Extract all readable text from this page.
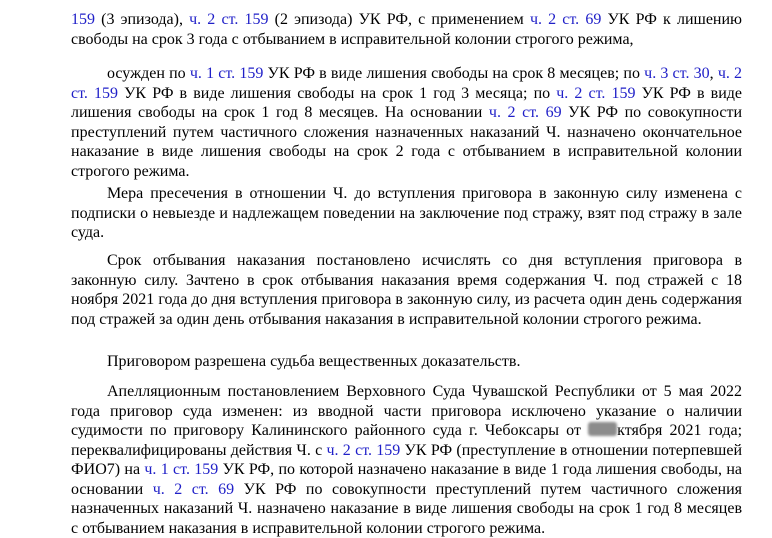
159 (3 эпизода), ч. 2 ст. 159 (2 эпизода) УК РФ, с применением ч. 2 ст. 69 УК РФ к лишению свободы на срок 3 года с отбыванием в исправительной колонии строгого режима,

осужден по ч. 1 ст. 159 УК РФ в виде лишения свободы на срок 8 месяцев; по ч. 3 ст. 30, ч. 2 ст. 159 УК РФ в виде лишения свободы на срок 1 год 3 месяца; по ч. 2 ст. 159 УК РФ в виде лишения свободы на срок 1 год 8 месяцев. На основании ч. 2 ст. 69 УК РФ по совокупности преступлений путем частичного сложения назначенных наказаний Ч. назначено окончательное наказание в виде лишения свободы на срок 2 года с отбыванием в исправительной колонии строгого режима.

Мера пресечения в отношении Ч. до вступления приговора в законную силу изменена с подписки о невыезде и надлежащем поведении на заключение под стражу, взят под стражу в зале суда.

Срок отбывания наказания постановлено исчислять со дня вступления приговора в законную силу. Зачтено в срок отбывания наказания время содержания Ч. под стражей с 18 ноября 2021 года до дня вступления приговора в законную силу, из расчета один день содержания под стражей за один день отбывания наказания в исправительной колонии строгого режима.

Приговором разрешена судьба вещественных доказательств.

Апелляционным постановлением Верховного Суда Чувашской Республики от 5 мая 2022 года приговор суда изменен: из вводной части приговора исключено указание о наличии судимости по приговору Калининского районного суда г. Чебоксары от ктября 2021 года; переквалифицированы действия Ч. с ч. 2 ст. 159 УК РФ (преступление в отношении потерпевшей ФИО7) на ч. 1 ст. 159 УК РФ, по которой назначено наказание в виде 1 года лишения свободы, на основании ч. 2 ст. 69 УК РФ по совокупности преступлений путем частичного сложения назначенных наказаний Ч. назначено наказание в виде лишения свободы на срок 1 год 8 месяцев с отбыванием наказания в исправительной колонии строгого режима.
